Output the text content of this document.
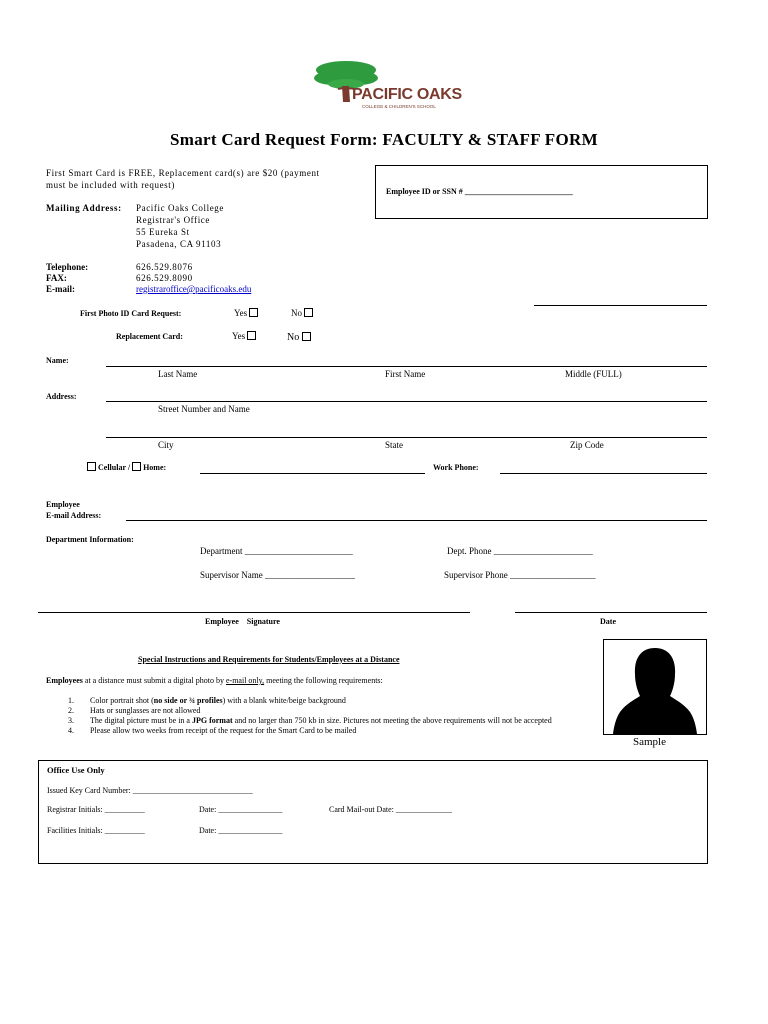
PACIFIC OAKS
COLLEGE & CHILDREN'S SCHOOL
Smart Card Request Form: FACULTY & STAFF FORM
First Smart Card is FREE, Replacement card(s) are $20 (payment
must be included with request)
Employee ID or SSN # ___________________________
Mailing Address: Pacific Oaks College
Registrar's Office
55 Eureka St
Pasadena, CA 91103
Telephone:	626.529.8076
FAX:	626.529.8090
E-mail:	registraroffice@pacificoaks.edu
First Photo ID Card Request:	Yes	No
Replacement Card:	Yes	No
Name:
Last Name	First Name	Middle (FULL)
Address:
Street Number and Name
City	State	Zip Code
Cellular / Home:	Work Phone:
Employee
E-mail Address:
Department Information:
Department ________________________	Dept. Phone ______________________
Supervisor Name ____________________	Supervisor Phone ___________________
Employee Signature	Date
Special Instructions and Requirements for Students/Employees at a Distance
Employees at a distance must submit a digital photo by e-mail only, meeting the following requirements:
1. Color portrait shot (no side or ¾ profiles) with a blank white/beige background
2. Hats or sunglasses are not allowed
3. The digital picture must be in a JPG format and no larger than 750 kb in size. Pictures not meeting the above requirements will not be accepted
4. Please allow two weeks from receipt of the request for the Smart Card to be mailed
Sample
Office Use Only
Issued Key Card Number: ______________________________
Registrar Initials: __________	Date: ________________	Card Mail-out Date: ______________
Facilities Initials: __________	Date: ________________
